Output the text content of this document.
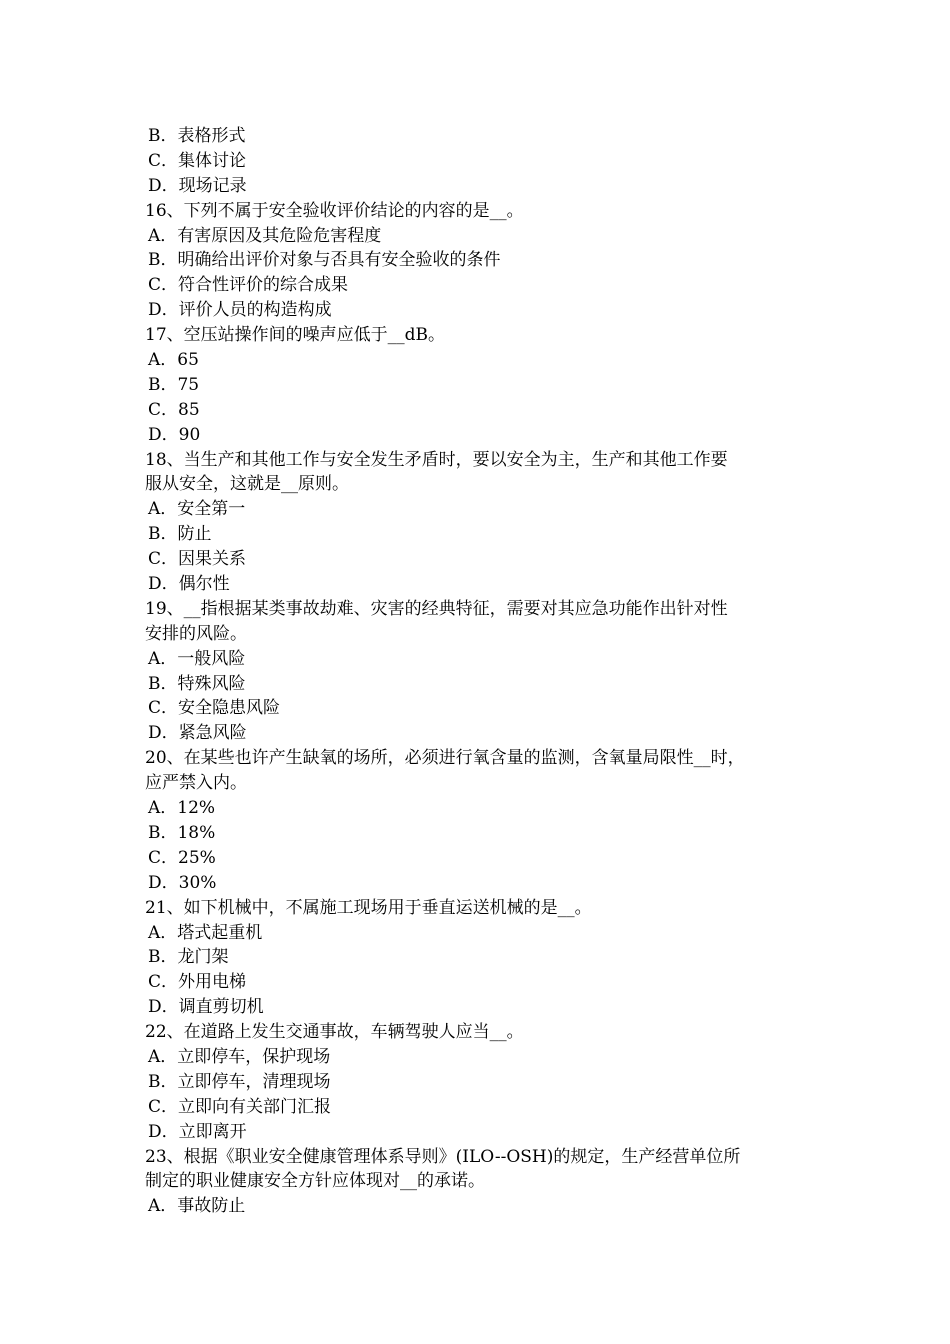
B．表格形式
C．集体讨论
D．现场记录
16、下列不属于安全验收评价结论的内容的是__。
A．有害原因及其危险危害程度
B．明确给出评价对象与否具有安全验收的条件
C．符合性评价的综合成果
D．评价人员的构造构成
17、空压站操作间的噪声应低于__dB。
A．65
B．75
C．85
D．90
18、当生产和其他工作与安全发生矛盾时，要以安全为主，生产和其他工作要
服从安全，这就是__原则。
A．安全第一
B．防止
C．因果关系
D．偶尔性
19、__指根据某类事故劫难、灾害的经典特征，需要对其应急功能作出针对性
安排的风险。
A．一般风险
B．特殊风险
C．安全隐患风险
D．紧急风险
20、在某些也许产生缺氧的场所，必须进行氧含量的监测，含氧量局限性__时，
应严禁入内。
A．12%
B．18%
C．25%
D．30%
21、如下机械中，不属施工现场用于垂直运送机械的是__。
A．塔式起重机
B．龙门架
C．外用电梯
D．调直剪切机
22、在道路上发生交通事故，车辆驾驶人应当__。
A．立即停车，保护现场
B．立即停车，清理现场
C．立即向有关部门汇报
D．立即离开
23、根据《职业安全健康管理体系导则》(ILO--OSH)的规定，生产经营单位所
制定的职业健康安全方针应体现对__的承诺。
A．事故防止
